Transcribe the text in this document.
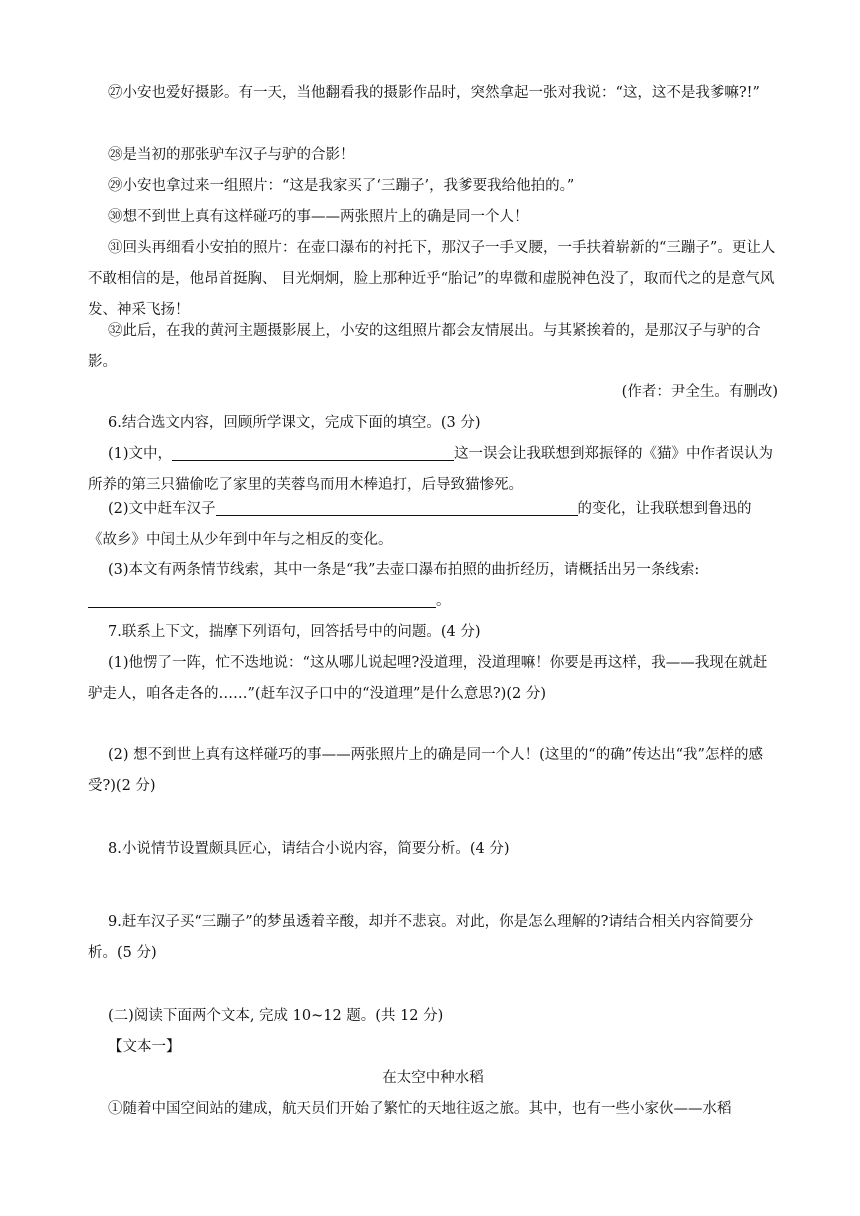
㉗小安也爱好摄影。有一天，当他翻看我的摄影作品时，突然拿起一张对我说：“这，这不是我爹嘛?!”

㉘是当初的那张驴车汉子与驴的合影！

㉙小安也拿过来一组照片：“这是我家买了‘三蹦子’，我爹要我给他拍的。”

㉚想不到世上真有这样碰巧的事——两张照片上的确是同一个人！

㉛回头再细看小安拍的照片：在壶口瀑布的衬托下，那汉子一手叉腰，一手扶着崭新的“三蹦子”。更让人不敢相信的是，他昂首挺胸、 目光炯炯，脸上那种近乎“胎记”的卑微和虚脱神色没了，取而代之的是意气风发、神采飞扬！

㉜此后，在我的黄河主题摄影展上，小安的这组照片都会友情展出。与其紧挨着的，是那汉子与驴的合影。

(作者：尹全生。有删改)

6.结合选文内容，回顾所学课文，完成下面的填空。(3 分)

(1)文中，	这一误会让我联想到郑振铎的《猫》中作者误认为所养的第三只猫偷吃了家里的芙蓉鸟而用木棒追打，后导致猫惨死。

(2)文中赶车汉子	的变化，让我联想到鲁迅的《故乡》中闰土从少年到中年与之相反的变化。

(3)本文有两条情节线索，其中一条是“我”去壶口瀑布拍照的曲折经历，请概括出另一条线索:。

7.联系上下文，揣摩下列语句，回答括号中的问题。(4 分)

(1)他愣了一阵，忙不迭地说：“这从哪儿说起哩?没道理，没道理嘛！你要是再这样，我——我现在就赶驴走人，咱各走各的……”(赶车汉子口中的“没道理”是什么意思?)(2 分)

(2) 想不到世上真有这样碰巧的事——两张照片上的确是同一个人！(这里的“的确”传达出“我”怎样的感受?)(2 分)

8.小说情节设置颇具匠心，请结合小说内容，简要分析。(4 分)

9.赶车汉子买“三蹦子”的梦虽透着辛酸，却并不悲哀。对此，你是怎么理解的?请结合相关内容简要分析。(5 分)

(二)阅读下面两个文本, 完成 10~12 题。(共 12 分)

【文本一】

在太空中种水稻

①随着中国空间站的建成，航天员们开始了繁忙的天地往返之旅。其中，也有一些小家伙——水稻
